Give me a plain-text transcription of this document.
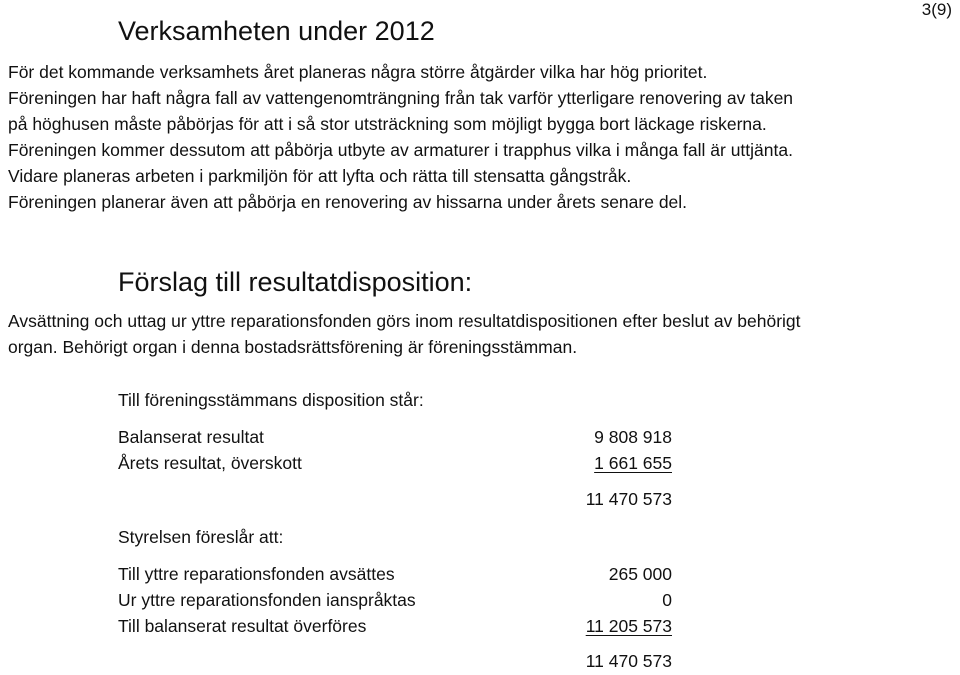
3(9)
Verksamheten under 2012

För det kommande verksamhets året planeras några större åtgärder vilka har hög prioritet.

Föreningen har haft några fall av vattengenomträngning från tak varför ytterligare renovering av taken

på höghusen måste påbörjas för att i så stor utsträckning som möjligt bygga bort läckage riskerna.

Föreningen kommer dessutom att påbörja utbyte av armaturer i trapphus vilka i många fall är uttjänta.

Vidare planeras arbeten i parkmiljön för att lyfta och rätta till stensatta gångstråk.

Föreningen planerar även att påbörja en renovering av hissarna under årets senare del.

Förslag till resultatdisposition:

Avsättning och uttag ur yttre reparationsfonden görs inom resultatdispositionen efter beslut av behörigt

organ. Behörigt organ i denna bostadsrättsförening är föreningsstämman.

Till föreningsstämmans disposition står:
Balanserat resultat	9 808 918
Årets resultat, överskott	1 661 655
11 470 573
Styrelsen föreslår att:
Till yttre reparationsfonden avsättes	265 000
Ur yttre reparationsfonden ianspråktas	0
Till balanserat resultat överföres	11 205 573
11 470 573
